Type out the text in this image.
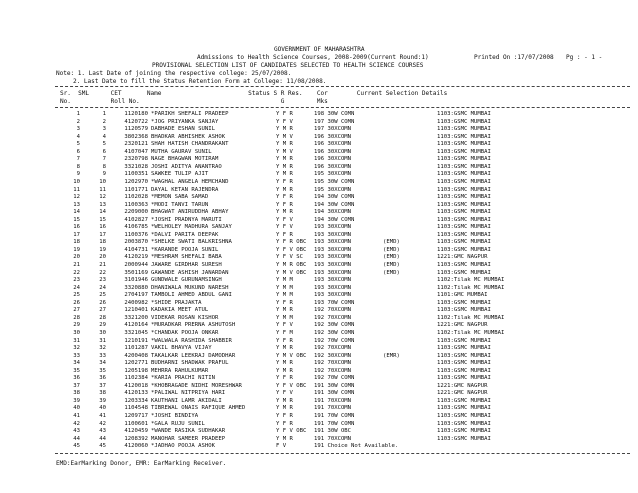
GOVERNMENT OF MAHARASHTRA
Admissions to Health Science Courses, 2008-2009(Current Round:1)	Printed On :17/07/2008 Pg : - 1 -
PROVISIONAL SELECTION LIST OF CANDIDATES SELECTED TO HEALTH SCIENCE COURSES
Note: 1. Last Date of joining the respective college: 25/07/2008.
2. Last Date to fill the Status Retention Form at College: 11/08/2008.
Sr.  SML      CET       Name                        Status S R Res.    Cor        Current Selection Details
No.           Roll No.                                       G         Mks
1	1	1120180 *PARIKH SHEFALI PRADEEP	Y F R	198 30W COMN	1103:GSMC MUMBAI
2	2	4120722 *JOG PRIYANKA SANJAY	Y F V	197 30W COMN	1103:GSMC MUMBAI
3	3	1120579 DABHADE ESHAN SUNIL	Y M R	197 30XCOMN	1103:GSMC MUMBAI
4	4	3802368 BHADKAR ABHISHEK ASHOK	Y M V	196 30XCOMN	1103:GSMC MUMBAI
5	5	2320121 SHAH HATISH CHANDRAKANT	Y M R	196 30XCOMN	1103:GSMC MUMBAI
6	6	4107047 MUTHA GAURAV SUNIL	Y M V	196 30XCOMN	1103:GSMC MUMBAI
7	7	2320798 NAGE BHAGWAN MOTIRAM	Y M R	196 30XCOMN	1103:GSMC MUMBAI
8	8	3321028 JOSHI ADITYA ANANTRAO	Y M R	196 30XCOMN	1103:GSMC MUMBAI
9	9	1100351 SAWKEE TULIP AJIT	Y M R	195 30XCOMN	1103:GSMC MUMBAI
10	10	1202970 *WAGHAL ANGELA HEMCHAND	Y F R	195 30W COMN	1103:GSMC MUMBAI
11	11	1101771 DAYAL KETAN RAJENDRA	Y M R	195 30XCOMN	1103:GSMC MUMBAI
12	12	1102028 *MEMON SABA SAMAD	Y F R	194 30W COMN	1103:GSMC MUMBAI
13	13	1100363 *MODI TANVI TARUN	Y F R	194 30W COMN	1103:GSMC MUMBAI
14	14	2209000 BHAGWAT ANIRUDDHA ABHAY	Y M R	194 30XCOMN	1103:GSMC MUMBAI
15	15	4102827 *JOSHI PRADNYA MARUTI	Y F V	194 30W COMN	1103:GSMC MUMBAI
16	16	4106785 *WELHOLEY MADHURA SANJAY	Y F V	193 30XCOMN	1103:GSMC MUMBAI
17	17	1100376 *DALVI PARITA DEEPAK	Y F R	193 30XCOMN	1103:GSMC MUMBAI
18	18	2003870 *SHELKE SWATI BALKRISHNA	Y F R OBC	193 30XCOMN	(EMD)	1103:GSMC MUMBAI
19	19	4104731 *KARANDE POOJA SUNIL	Y F V OBC	193 30XCOMN	(EMD)	1103:GSMC MUMBAI
20	20	4120219 *MESHRAM SHEFALI BABA	Y F V SC	193 30XCOMN	(EMD)	1221:GMC NAGPUR
21	21	2000944 JAWARE GIRDHAR SURESH	Y M R OBC	193 30XCOMN	(EMD)	1103:GSMC MUMBAI
22	22	3501169 GAWANDE ASHISH JANARDAN	Y M V OBC	193 30XCOMN	(EMD)	1103:GSMC MUMBAI
23	23	3101946 GUNDWALE GURUNAMSINGH	Y M M	193 30XCOMN	1102:Tilak MC MUMBAI
24	24	3320880 DHANIWALA MUKUND NARESH	Y M M	193 30XCOMN	1102:Tilak MC MUMBAI
25	25	2704197 TAMBOLI AHMED ABDUL GANI	Y M M	193 30XCOMN	1101:GMC MUMBAI
26	26	2400982 *SHIDE PRAJAKTA	Y F R	193 70W COMN	1103:GSMC MUMBAI
27	27	1210401 KADAKIA MEET ATUL	Y M R	192 70XCOMN	1103:GSMC MUMBAI
28	28	3321200 VIDEKAR ROSAN KISHOR	Y M M	192 70XCOMN	1102:Tilak MC MUMBAI
29	29	4120164 *MURADKAR PRERNA ASHUTOSH	Y F V	192 30W COMN	1221:GMC NAGPUR
30	30	3321045 *CHANDAK POOJA ONKAR	Y F M	192 30W COMN	1102:Tilak MC MUMBAI
31	31	1210191 *WALWALA RASHIDA SHABBIR	Y F R	192 70W COMN	1103:GSMC MUMBAI
32	32	1101287 VAKIL BHAVYA VIJAY	Y M R	192 70XCOMN	1103:GSMC MUMBAI
33	33	4200408 TAKALKAR LEEKRAJ DAMODHAR	Y M V OBC	192 30XCOMN	(EMR)	1103:GSMC MUMBAI
34	34	1202771 BUDHARNI SHADWAK PRAFUL	Y M R	192 70XCOMN	1103:GSMC MUMBAI
35	35	1205198 MEHRRA RAHULKUMAR	Y M R	192 70XCOMN	1103:GSMC MUMBAI
36	36	1102384 *KARIA PRACHI NITIN	Y F R	192 70W COMN	1103:GSMC MUMBAI
37	37	4120018 *KHOBRAGADE NIDHI MORESHWAR	Y F V OBC	191 30W COMN	1221:GMC NAGPUR
38	38	4120133 *PALIWAL NITPRIYA HARI	Y F V	191 30W COMN	1221:GMC NAGPUR
39	39	1203334 KAUTHANI LAMR AKIDALI	Y M R	191 70XCOMN	1103:GSMC MUMBAI
40	40	1104548 TIBREWAL ONAIS RAFIQUE AHMED	Y M R	191 70XCOMN	1103:GSMC MUMBAI
41	41	1209717 *JOSHI BINDIYA	Y F R	191 70W COMN	1103:GSMC MUMBAI
42	42	1100601 *GALA RUJU SUNIL	Y F R	191 70W COMN	1103:GSMC MUMBAI
43	43	4120459 *WANDE RASIKA SUDHAKAR	Y F V OBC	191 30W OBC	1103:GSMC MUMBAI
44	44	1208392 MANOHAR SAMEER PRADEEP	Y M R	191 70XCOMN	1103:GSMC MUMBAI
45	45	4120060 *JADHAO POOJA ASHOK	F V	191 Choice Not Available.
EMD:EarMarking Donor, EMR: EarMarking Receiver.
